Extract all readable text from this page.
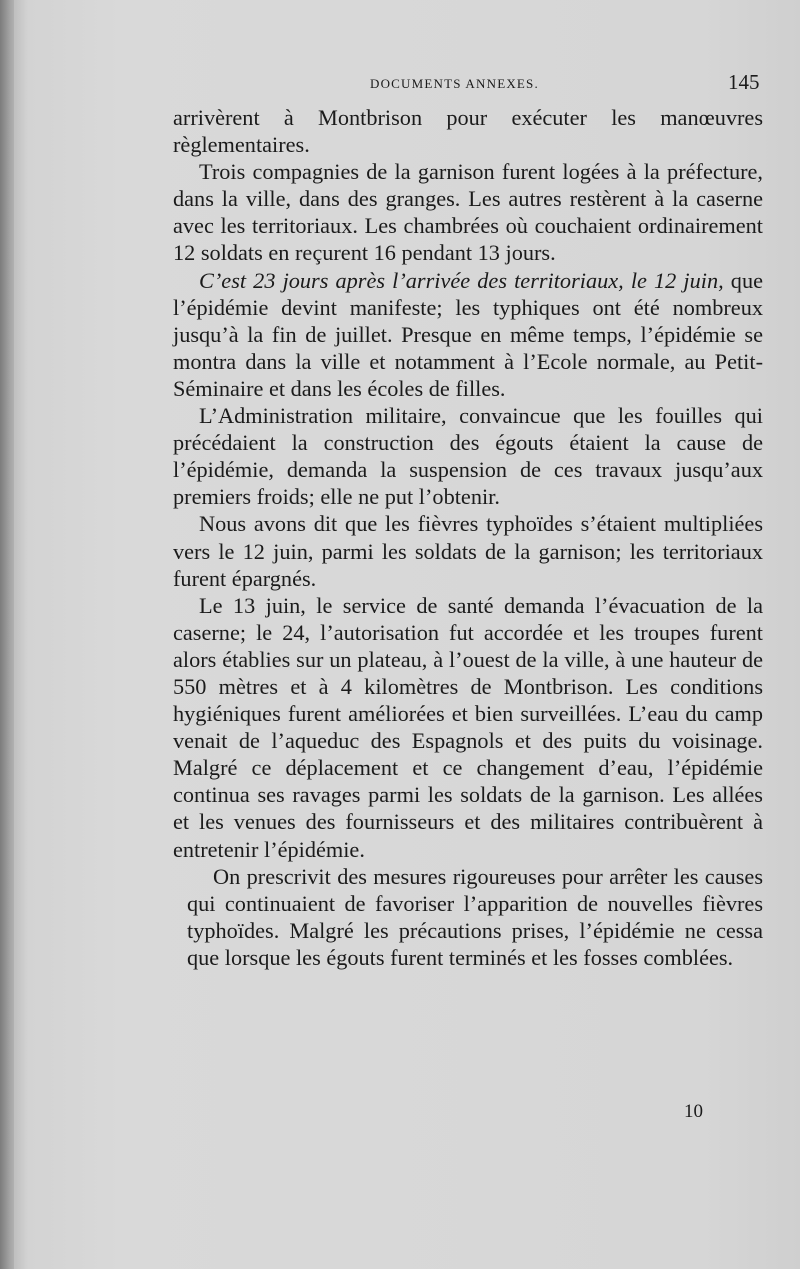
DOCUMENTS ANNEXES.	145

arrivèrent à Montbrison pour exécuter les manœuvres règlementaires.

Trois compagnies de la garnison furent logées à la préfecture, dans la ville, dans des granges. Les autres restèrent à la caserne avec les territoriaux. Les chambrées où couchaient ordinairement 12 soldats en reçurent 16 pendant 13 jours.

C’est 23 jours après l’arrivée des territoriaux, le 12 juin, que l’épidémie devint manifeste; les typhiques ont été nombreux jusqu’à la fin de juillet. Presque en même temps, l’épidémie se montra dans la ville et notamment à l’Ecole normale, au Petit-Séminaire et dans les écoles de filles.

L’Administration militaire, convaincue que les fouilles qui précédaient la construction des égouts étaient la cause de l’épidémie, demanda la suspension de ces travaux jusqu’aux premiers froids; elle ne put l’obtenir.

Nous avons dit que les fièvres typhoïdes s’étaient multipliées vers le 12 juin, parmi les soldats de la garnison; les territoriaux furent épargnés.

Le 13 juin, le service de santé demanda l’évacuation de la caserne; le 24, l’autorisation fut accordée et les troupes furent alors établies sur un plateau, à l’ouest de la ville, à une hauteur de 550 mètres et à 4 kilomètres de Montbrison. Les conditions hygiéniques furent améliorées et bien surveillées. L’eau du camp venait de l’aqueduc des Espagnols et des puits du voisinage. Malgré ce déplacement et ce changement d’eau, l’épidémie continua ses ravages parmi les soldats de la garnison. Les allées et les venues des fournisseurs et des militaires contribuèrent à entretenir l’épidémie.

On prescrivit des mesures rigoureuses pour arrêter les causes qui continuaient de favoriser l’apparition de nouvelles fièvres typhoïdes. Malgré les précautions prises, l’épidémie ne cessa que lorsque les égouts furent terminés et les fosses comblées.

10
